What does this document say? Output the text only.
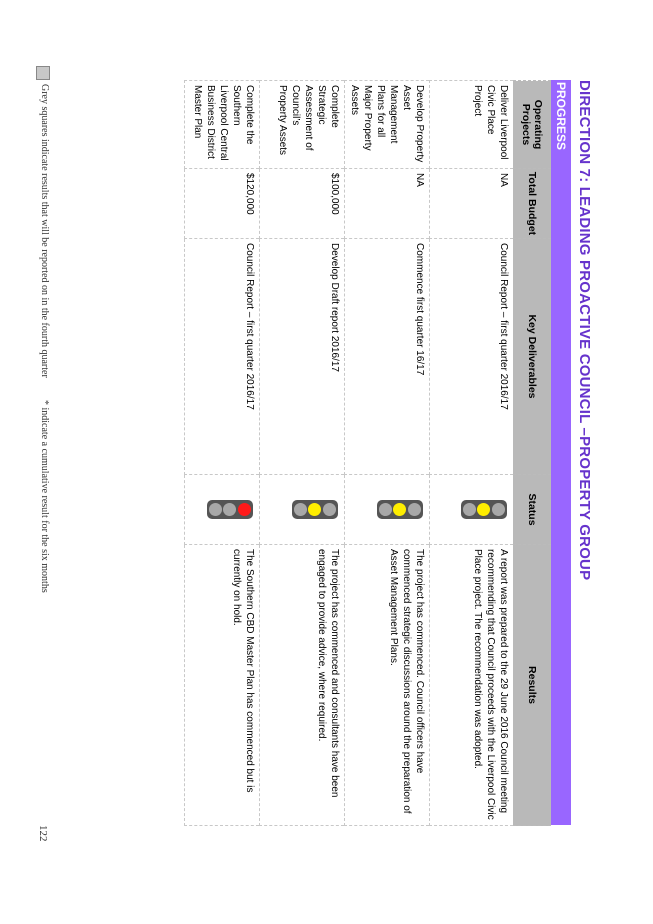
DIRECTION 7: LEADING PROACTIVE COUNCIL –PROPERTY GROUP
PROGRESS
Operating Projects	Total Budget	Key Deliverables	Status	Results
Deliver Liverpool Civic Place Project	NA	Council Report – first quarter 2016/17		A report was prepared to the 29 June 2016 Council meeting recommending that Council proceeds with the Liverpool Civic Place project. The recommendation was adopted.
Develop Property Asset Management Plans for all Major Property Assets	NA	Commence first quarter 16/17		The project has commenced. Council officers have commenced strategic discussions around the preparation of Asset Management Plans.
Complete Strategic Assessment of Council’s Property Assets	$100,000	Develop Draft report 2016/17		The project has commenced and consultants have been engaged to provide advice, where required.
Complete the Southern Liverpool Central Business District Master Plan	$120,000	Council Report – first quarter 2016/17		The Southern CBD Master Plan has commenced but is currently on hold.
Grey squares indicate results that will be reported on in the fourth quarter
* indicate a cumulative result for the six months
122
